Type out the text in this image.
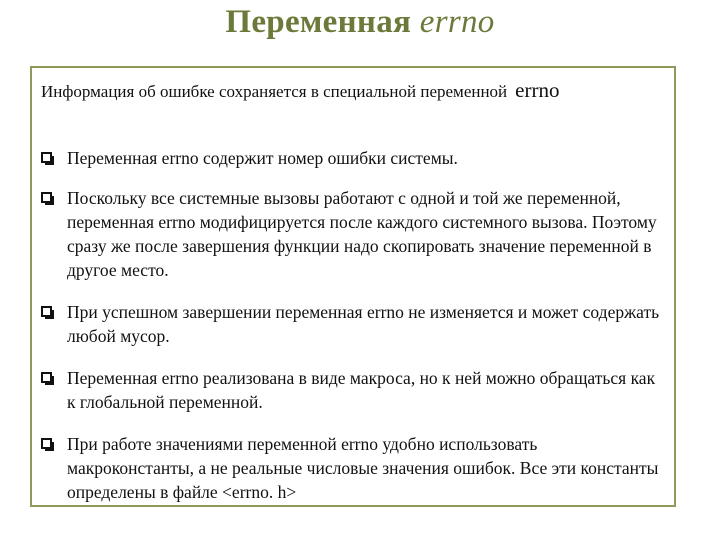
Переменная errno
Информация об ошибке сохраняется в специальной переменной errno
Переменная errno содержит номер ошибки системы.
Поскольку все системные вызовы работают с одной и той же переменной, переменная errno модифицируется после каждого системного вызова. Поэтому сразу же после завершения функции надо скопировать значение переменной в другое место.
При успешном завершении переменная errno не изменяется и может содержать любой мусор.
Переменная errno реализована в виде макроса, но к ней можно обращаться как к глобальной переменной.
При работе значениями переменной errno удобно использовать макроконстанты, а не реальные числовые значения ошибок. Все эти константы определены в файле <errno. h>
